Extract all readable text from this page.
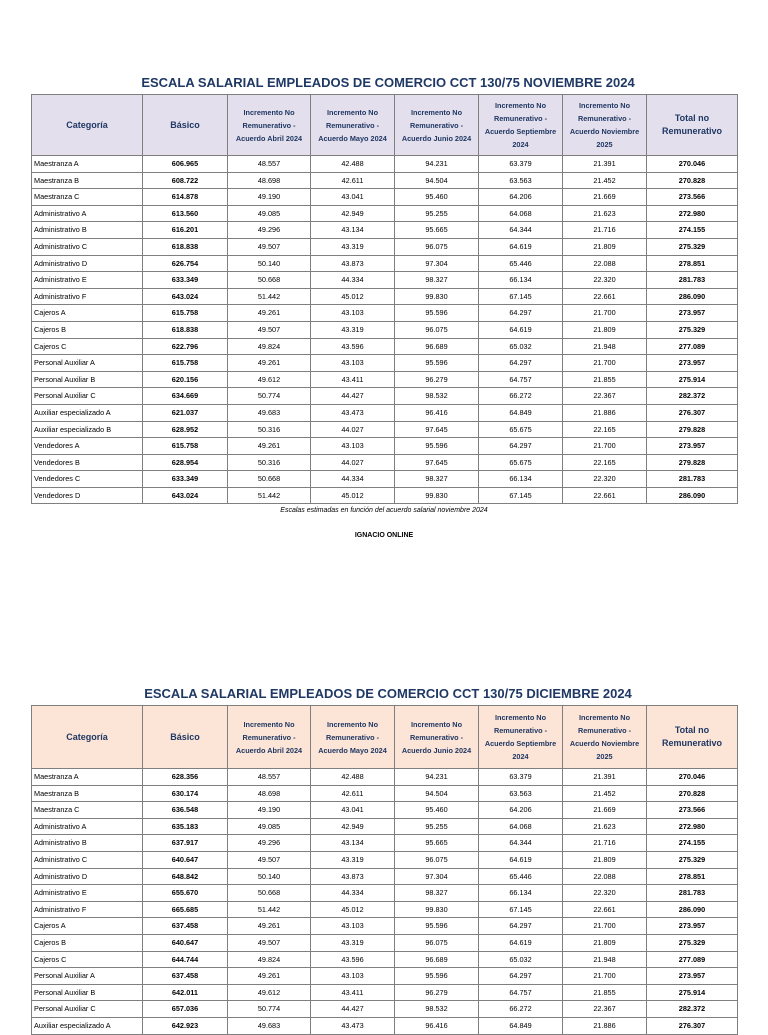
ESCALA SALARIAL EMPLEADOS DE COMERCIO CCT 130/75 NOVIEMBRE 2024
Categoría	Básico	Incremento No Remunerativo - Acuerdo Abril 2024	Incremento No Remunerativo - Acuerdo Mayo 2024	Incremento No Remunerativo - Acuerdo Junio 2024	Incremento No Remunerativo - Acuerdo Septiembre 2024	Incremento No Remunerativo - Acuerdo Noviembre 2025	Total no Remunerativo
Maestranza A	606.965	48.557	42.488	94.231	63.379	21.391	270.046
Maestranza B	608.722	48.698	42.611	94.504	63.563	21.452	270.828
Maestranza C	614.878	49.190	43.041	95.460	64.206	21.669	273.566
Administrativo A	613.560	49.085	42.949	95.255	64.068	21.623	272.980
Administrativo B	616.201	49.296	43.134	95.665	64.344	21.716	274.155
Administrativo C	618.838	49.507	43.319	96.075	64.619	21.809	275.329
Administrativo D	626.754	50.140	43.873	97.304	65.446	22.088	278.851
Administrativo E	633.349	50.668	44.334	98.327	66.134	22.320	281.783
Administrativo F	643.024	51.442	45.012	99.830	67.145	22.661	286.090
Cajeros A	615.758	49.261	43.103	95.596	64.297	21.700	273.957
Cajeros B	618.838	49.507	43.319	96.075	64.619	21.809	275.329
Cajeros C	622.796	49.824	43.596	96.689	65.032	21.948	277.089
Personal Auxiliar A	615.758	49.261	43.103	95.596	64.297	21.700	273.957
Personal Auxiliar B	620.156	49.612	43.411	96.279	64.757	21.855	275.914
Personal Auxiliar C	634.669	50.774	44.427	98.532	66.272	22.367	282.372
Auxiliar especializado A	621.037	49.683	43.473	96.416	64.849	21.886	276.307
Auxiliar especializado B	628.952	50.316	44.027	97.645	65.675	22.165	279.828
Vendedores A	615.758	49.261	43.103	95.596	64.297	21.700	273.957
Vendedores B	628.954	50.316	44.027	97.645	65.675	22.165	279.828
Vendedores C	633.349	50.668	44.334	98.327	66.134	22.320	281.783
Vendedores D	643.024	51.442	45.012	99.830	67.145	22.661	286.090
Escalas estimadas en función del acuerdo salarial noviembre 2024
IGNACIO ONLINE
ESCALA SALARIAL EMPLEADOS DE COMERCIO CCT 130/75 DICIEMBRE 2024
Categoría	Básico	Incremento No Remunerativo - Acuerdo Abril 2024	Incremento No Remunerativo - Acuerdo Mayo 2024	Incremento No Remunerativo - Acuerdo Junio 2024	Incremento No Remunerativo - Acuerdo Septiembre 2024	Incremento No Remunerativo - Acuerdo Noviembre 2025	Total no Remunerativo
Maestranza A	628.356	48.557	42.488	94.231	63.379	21.391	270.046
Maestranza B	630.174	48.698	42.611	94.504	63.563	21.452	270.828
Maestranza C	636.548	49.190	43.041	95.460	64.206	21.669	273.566
Administrativo A	635.183	49.085	42.949	95.255	64.068	21.623	272.980
Administrativo B	637.917	49.296	43.134	95.665	64.344	21.716	274.155
Administrativo C	640.647	49.507	43.319	96.075	64.619	21.809	275.329
Administrativo D	648.842	50.140	43.873	97.304	65.446	22.088	278.851
Administrativo E	655.670	50.668	44.334	98.327	66.134	22.320	281.783
Administrativo F	665.685	51.442	45.012	99.830	67.145	22.661	286.090
Cajeros A	637.458	49.261	43.103	95.596	64.297	21.700	273.957
Cajeros B	640.647	49.507	43.319	96.075	64.619	21.809	275.329
Cajeros C	644.744	49.824	43.596	96.689	65.032	21.948	277.089
Personal Auxiliar A	637.458	49.261	43.103	95.596	64.297	21.700	273.957
Personal Auxiliar B	642.011	49.612	43.411	96.279	64.757	21.855	275.914
Personal Auxiliar C	657.036	50.774	44.427	98.532	66.272	22.367	282.372
Auxiliar especializado A	642.923	49.683	43.473	96.416	64.849	21.886	276.307
